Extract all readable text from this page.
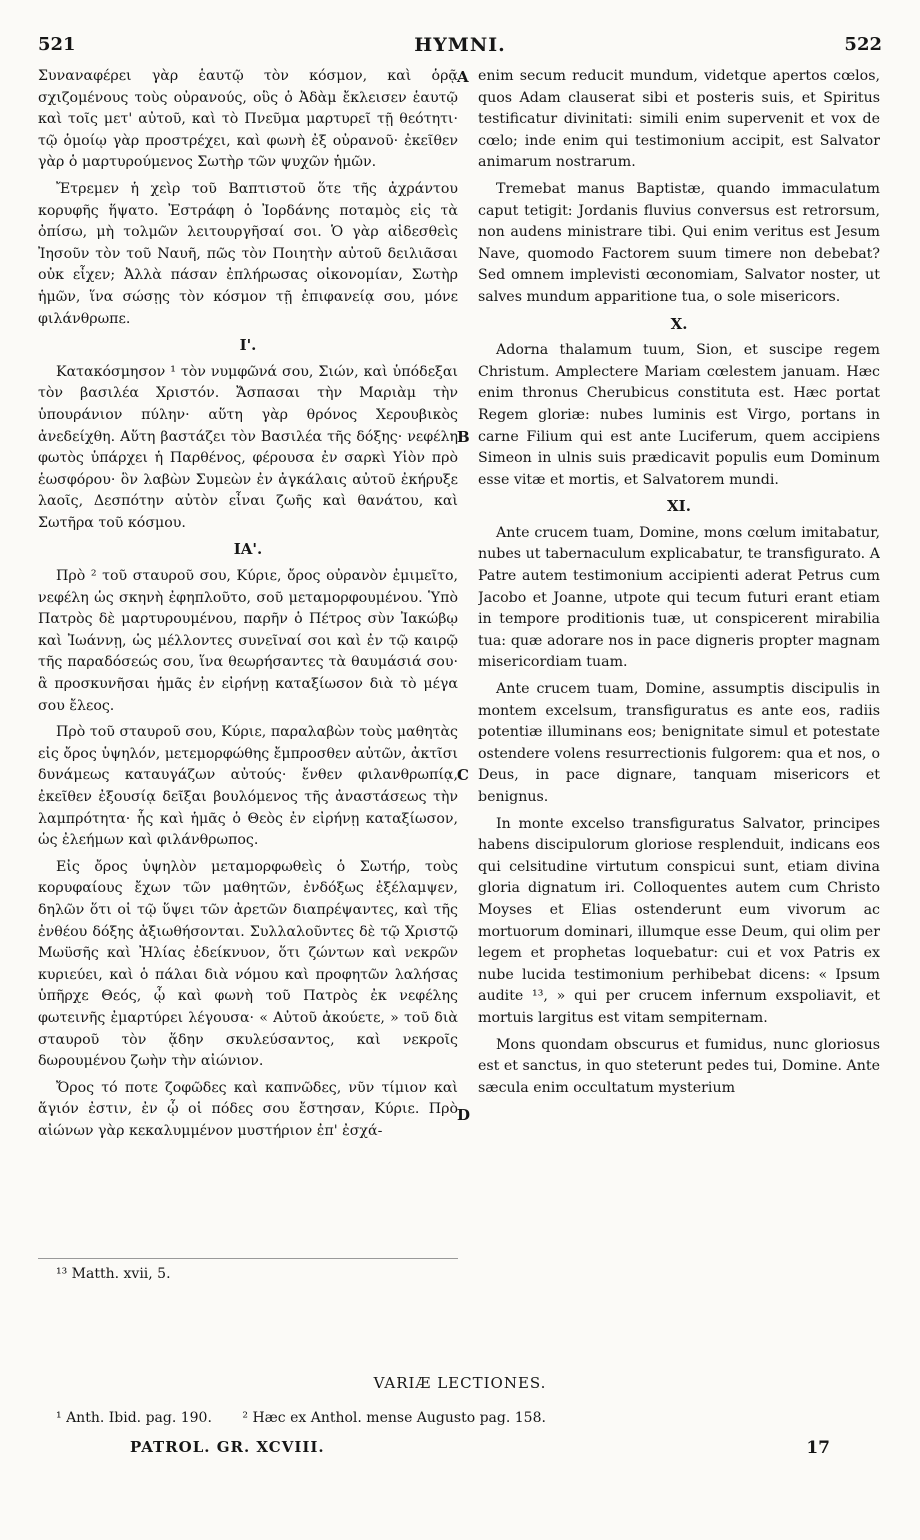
521	HYMNI.	522

Συναναφέρει γὰρ ἑαυτῷ τὸν κόσμον, καὶ ὁρᾷ σχιζομένους τοὺς οὐρανούς, οὓς ὁ Ἀδὰμ ἔκλεισεν ἑαυτῷ καὶ τοῖς μετ' αὐτοῦ, καὶ τὸ Πνεῦμα μαρτυρεῖ τῇ θεότητι· τῷ ὁμοίῳ γὰρ προστρέχει, καὶ φωνὴ ἐξ οὐρανοῦ· ἐκεῖθεν γὰρ ὁ μαρτυρούμενος Σωτὴρ τῶν ψυχῶν ἡμῶν.

Ἔτρεμεν ἡ χεὶρ τοῦ Βαπτιστοῦ ὅτε τῆς ἀχράντου κορυφῆς ἥψατο. Ἐστράφη ὁ Ἰορδάνης ποταμὸς εἰς τὰ ὀπίσω, μὴ τολμῶν λειτουργῆσαί σοι. Ὁ γὰρ αἰδεσθεὶς Ἰησοῦν τὸν τοῦ Ναυῆ, πῶς τὸν Ποιητὴν αὐτοῦ δειλιᾶσαι οὐκ εἶχεν; Ἀλλὰ πάσαν ἐπλήρωσας οἰκονομίαν, Σωτὴρ ἡμῶν, ἵνα σώσῃς τὸν κόσμον τῇ ἐπιφανείᾳ σου, μόνε φιλάνθρωπε.

Ι'.

Κατακόσμησον ¹ τὸν νυμφῶνά σου, Σιών, καὶ ὑπόδεξαι τὸν βασιλέα Χριστόν. Ἄσπασαι τὴν Μαριὰμ τὴν ὑπουράνιον πύλην· αὕτη γὰρ θρόνος Χερουβικὸς ἀνεδείχθη. Αὕτη βαστάζει τὸν Βασιλέα τῆς δόξης· νεφέλη φωτὸς ὑπάρχει ἡ Παρθένος, φέρουσα ἐν σαρκὶ Υἱὸν πρὸ ἑωσφόρου· ὃν λαβὼν Συμεὼν ἐν ἀγκάλαις αὐτοῦ ἐκήρυξε λαοῖς, Δεσπότην αὐτὸν εἶναι ζωῆς καὶ θανάτου, καὶ Σωτῆρα τοῦ κόσμου.

ΙΑ'.

Πρὸ ² τοῦ σταυροῦ σου, Κύριε, ὄρος οὐρανὸν ἐμιμεῖτο, νεφέλη ὡς σκηνὴ ἐφηπλοῦτο, σοῦ μεταμορφουμένου. Ὑπὸ Πατρὸς δὲ μαρτυρουμένου, παρῆν ὁ Πέτρος σὺν Ἰακώβῳ καὶ Ἰωάννῃ, ὡς μέλλοντες συνεῖναί σοι καὶ ἐν τῷ καιρῷ τῆς παραδόσεώς σου, ἵνα θεωρήσαντες τὰ θαυμάσιά σου· ἃ προσκυνῆσαι ἡμᾶς ἐν εἰρήνῃ καταξίωσον διὰ τὸ μέγα σου ἔλεος.

Πρὸ τοῦ σταυροῦ σου, Κύριε, παραλαβὼν τοὺς μαθητὰς εἰς ὄρος ὑψηλόν, μετεμορφώθης ἔμπροσθεν αὐτῶν, ἀκτῖσι δυνάμεως καταυγάζων αὐτούς· ἔνθεν φιλανθρωπίᾳ, ἐκεῖθεν ἐξουσίᾳ δεῖξαι βουλόμενος τῆς ἀναστάσεως τὴν λαμπρότητα· ἧς καὶ ἡμᾶς ὁ Θεὸς ἐν εἰρήνῃ καταξίωσον, ὡς ἐλεήμων καὶ φιλάνθρωπος.

Εἰς ὄρος ὑψηλὸν μεταμορφωθεὶς ὁ Σωτήρ, τοὺς κορυφαίους ἔχων τῶν μαθητῶν, ἐνδόξως ἐξέλαμψεν, δηλῶν ὅτι οἱ τῷ ὕψει τῶν ἀρετῶν διαπρέψαντες, καὶ τῆς ἐνθέου δόξης ἀξιωθήσονται. Συλλαλοῦντες δὲ τῷ Χριστῷ Μωϋσῆς καὶ Ἠλίας ἐδείκνυον, ὅτι ζώντων καὶ νεκρῶν κυριεύει, καὶ ὁ πάλαι διὰ νόμου καὶ προφητῶν λαλήσας ὑπῆρχε Θεός, ᾧ καὶ φωνὴ τοῦ Πατρὸς ἐκ νεφέλης φωτεινῆς ἐμαρτύρει λέγουσα· « Αὐτοῦ ἀκούετε, » τοῦ διὰ σταυροῦ τὸν ᾅδην σκυλεύσαντος, καὶ νεκροῖς δωρουμένου ζωὴν τὴν αἰώνιον.

Ὄρος τό ποτε ζοφῶδες καὶ καπνῶδες, νῦν τίμιον καὶ ἅγιόν ἐστιν, ἐν ᾧ οἱ πόδες σου ἔστησαν, Κύριε. Πρὸ αἰώνων γὰρ κεκαλυμμένον μυστήριον ἐπ' ἐσχά-

enim secum reducit mundum, videtque apertos cœlos, quos Adam clauserat sibi et posteris suis, et Spiritus testificatur divinitati: simili enim supervenit et vox de cœlo; inde enim qui testimonium accipit, est Salvator animarum nostrarum.

Tremebat manus Baptistæ, quando immaculatum caput tetigit: Jordanis fluvius conversus est retrorsum, non audens ministrare tibi. Qui enim veritus est Jesum Nave, quomodo Factorem suum timere non debebat? Sed omnem implevisti œconomiam, Salvator noster, ut salves mundum apparitione tua, o sole misericors.

X.

Adorna thalamum tuum, Sion, et suscipe regem Christum. Amplectere Mariam cœlestem januam. Hæc enim thronus Cherubicus constituta est. Hæc portat Regem gloriæ: nubes luminis est Virgo, portans in carne Filium qui est ante Luciferum, quem accipiens Simeon in ulnis suis prædicavit populis eum Dominum esse vitæ et mortis, et Salvatorem mundi.

XI.

Ante crucem tuam, Domine, mons cœlum imitabatur, nubes ut tabernaculum explicabatur, te transfigurato. A Patre autem testimonium accipienti aderat Petrus cum Jacobo et Joanne, utpote qui tecum futuri erant etiam in tempore proditionis tuæ, ut conspicerent mirabilia tua: quæ adorare nos in pace digneris propter magnam misericordiam tuam.

Ante crucem tuam, Domine, assumptis discipulis in montem excelsum, transfiguratus es ante eos, radiis potentiæ illuminans eos; benignitate simul et potestate ostendere volens resurrectionis fulgorem: qua et nos, o Deus, in pace dignare, tanquam misericors et benignus.

In monte excelso transfiguratus Salvator, principes habens discipulorum gloriose resplenduit, indicans eos qui celsitudine virtutum conspicui sunt, etiam divina gloria dignatum iri. Colloquentes autem cum Christo Moyses et Elias ostenderunt eum vivorum ac mortuorum dominari, illumque esse Deum, qui olim per legem et prophetas loquebatur: cui et vox Patris ex nube lucida testimonium perhibebat dicens: « Ipsum audite ¹³, » qui per crucem infernum exspoliavit, et mortuis largitus est vitam sempiternam.

Mons quondam obscurus et fumidus, nunc gloriosus est et sanctus, in quo steterunt pedes tui, Domine. Ante sæcula enim occultatum mysterium

A
B
C
D
¹³ Matth. xvii, 5.
VARIÆ LECTIONES.
¹ Anth. Ibid. pag. 190. ² Hæc ex Anthol. mense Augusto pag. 158.
PATROL. GR. XCVIII.	17
